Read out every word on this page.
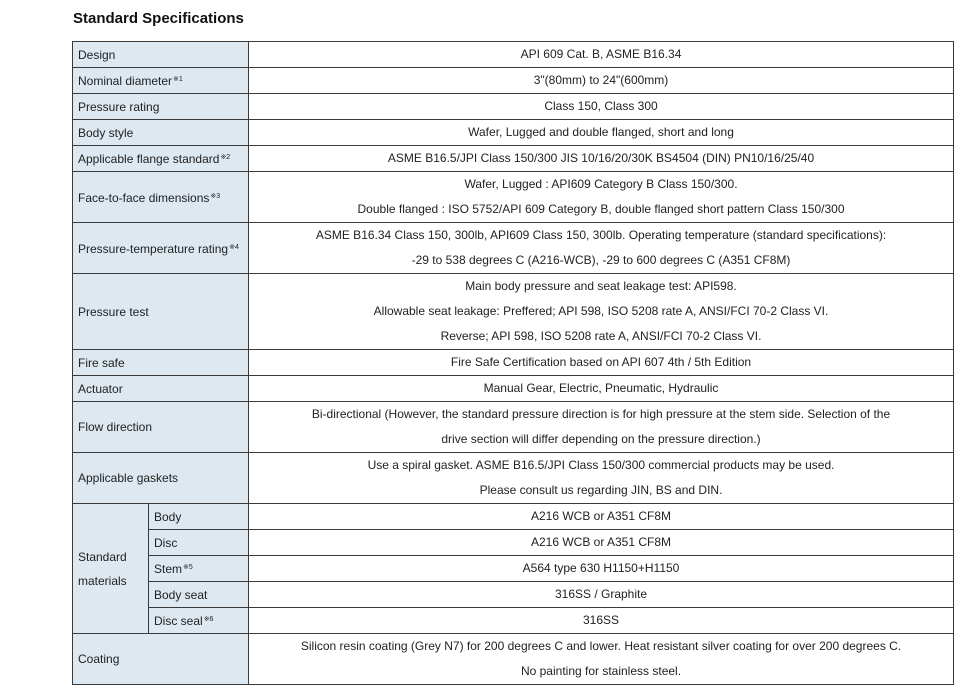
Standard Specifications
Design		API 609 Cat. B, ASME B16.34

Nominal diameter$^{※1}$		3"(80mm) to 24"(600mm)

Pressure rating		Class 150, Class 300

Body style		Wafer, Lugged and double flanged, short and long

Applicable flange standard$^{※2}$		ASME B16.5/JPI Class 150/300 JIS 10/16/20/30K BS4504 (DIN) PN10/16/25/40

Face-to-face dimensions$^{※3}$		Wafer, Lugged : API609 Category B Class 150/300.
Double flanged : ISO 5752/API 609 Category B, double flanged short pattern Class 150/300

Pressure-temperature rating$^{※4}$		ASME B16.34 Class 150, 300lb, API609 Class 150, 300lb. Operating temperature (standard specifications):
-29 to 538 degrees C (A216-WCB), -29 to 600 degrees C (A351 CF8M)

Pressure test		Main body pressure and seat leakage test: API598.
Allowable seat leakage: Preffered; API 598, ISO 5208 rate A, ANSI/FCI 70-2 Class VI.
Reverse; API 598, ISO 5208 rate A, ANSI/FCI 70-2 Class VI.

Fire safe		Fire Safe Certification based on API 607 4th / 5th Edition

Actuator		Manual Gear, Electric, Pneumatic, Hydraulic

Flow direction		Bi-directional (However, the standard pressure direction is for high pressure at the stem side. Selection of the
drive section will differ depending on the pressure direction.)

Applicable gaskets		Use a spiral gasket. ASME B16.5/JPI Class 150/300 commercial products may be used.
Please consult us regarding JIN, BS and DIN.

Standard
materials	Body	A216 WCB or A351 CF8M

	Disc	A216 WCB or A351 CF8M

	Stem$^{※5}$	A564 type 630 H1150+H1150

	Body seat	316SS / Graphite

	Disc seal$^{※6}$	316SS

Coating		Silicon resin coating (Grey N7) for 200 degrees C and lower. Heat resistant silver coating for over 200 degrees C.
No painting for stainless steel.
